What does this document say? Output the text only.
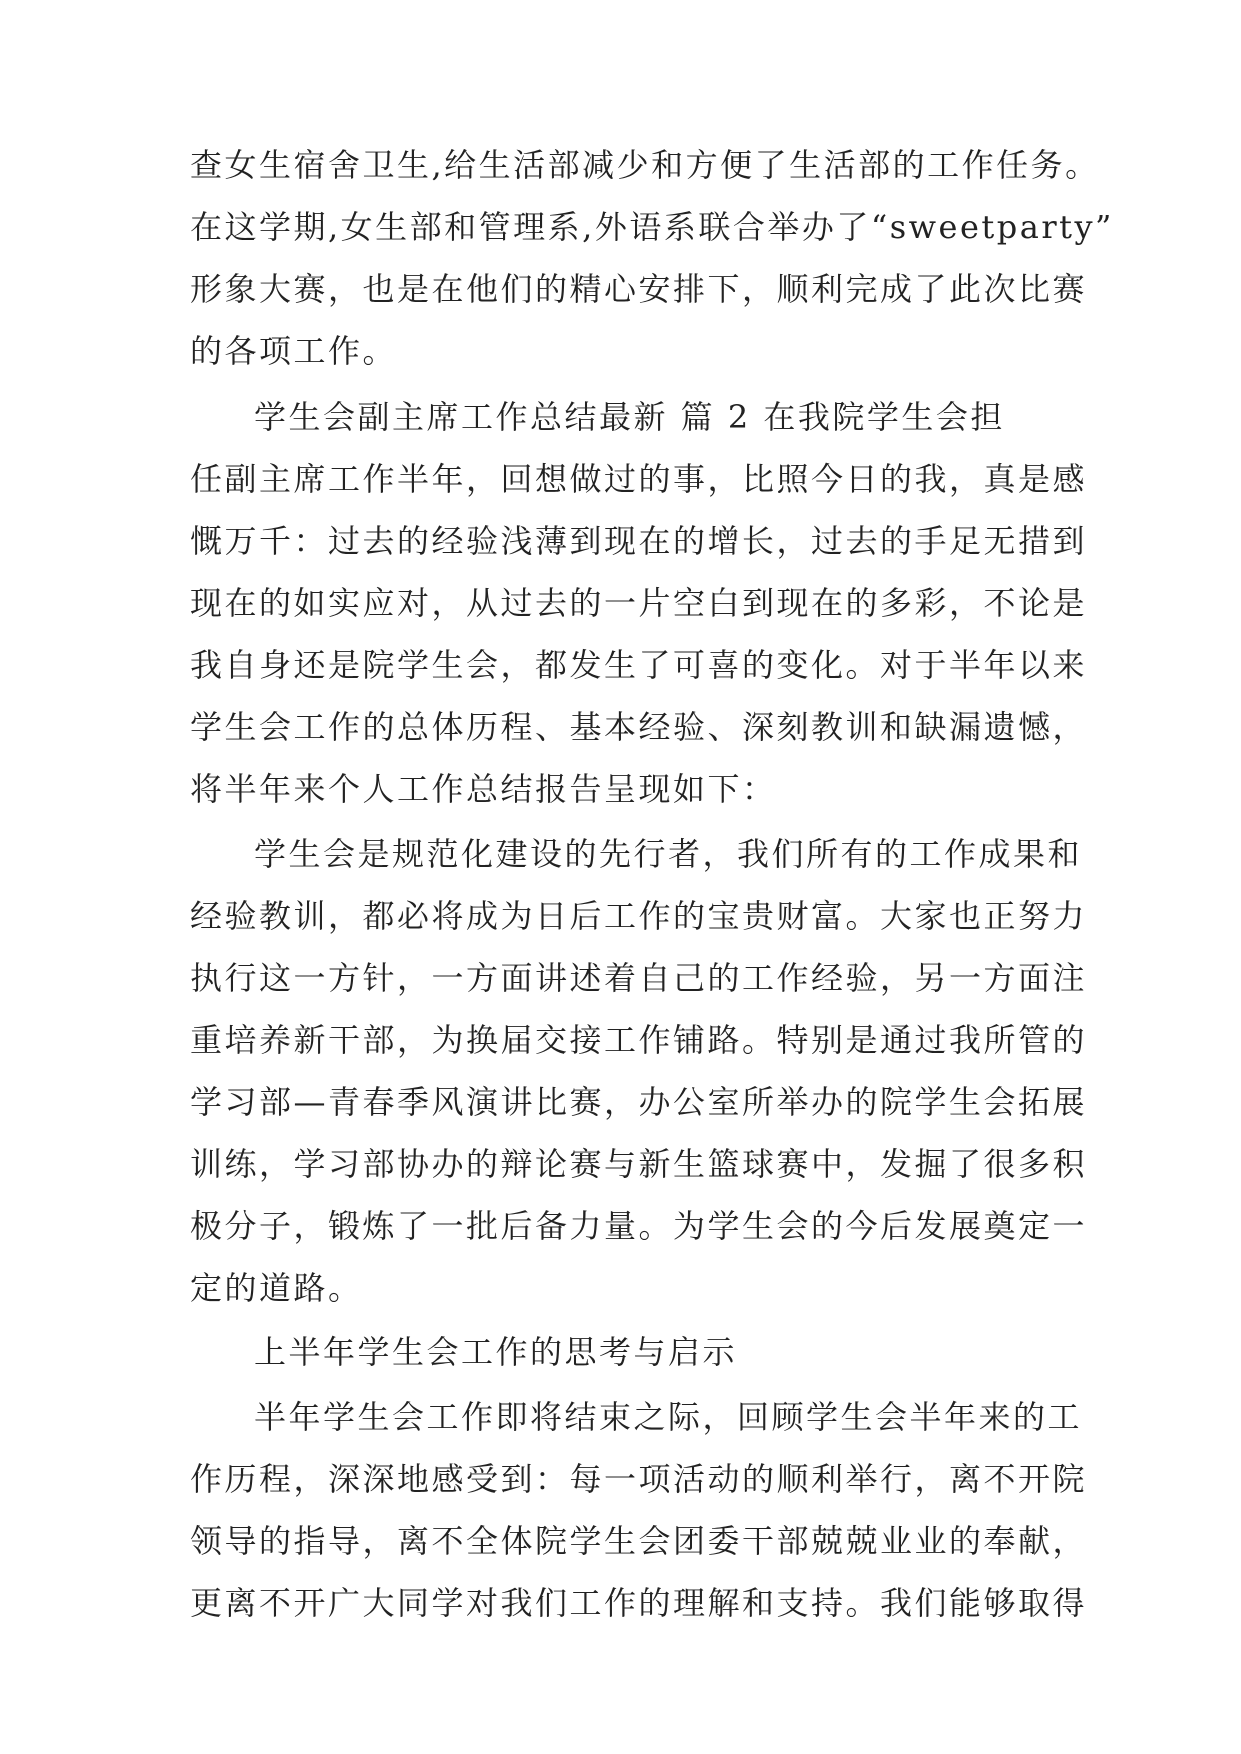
查女生宿舍卫生,给生活部减少和方便了生活部的工作任务。
在这学期,女生部和管理系,外语系联合举办了“sweetparty”
形象大赛，也是在他们的精心安排下，顺利完成了此次比赛
的各项工作。
学生会副主席工作总结最新 篇 2 在我院学生会担
任副主席工作半年，回想做过的事，比照今日的我，真是感
慨万千：过去的经验浅薄到现在的增长，过去的手足无措到
现在的如实应对，从过去的一片空白到现在的多彩，不论是
我自身还是院学生会，都发生了可喜的变化。对于半年以来
学生会工作的总体历程、基本经验、深刻教训和缺漏遗憾，
将半年来个人工作总结报告呈现如下：
学生会是规范化建设的先行者，我们所有的工作成果和
经验教训，都必将成为日后工作的宝贵财富。大家也正努力
执行这一方针，一方面讲述着自己的工作经验，另一方面注
重培养新干部，为换届交接工作铺路。特别是通过我所管的
学习部—青春季风演讲比赛，办公室所举办的院学生会拓展
训练，学习部协办的辩论赛与新生篮球赛中，发掘了很多积
极分子，锻炼了一批后备力量。为学生会的今后发展奠定一
定的道路。
上半年学生会工作的思考与启示
半年学生会工作即将结束之际，回顾学生会半年来的工
作历程，深深地感受到：每一项活动的顺利举行，离不开院
领导的指导，离不全体院学生会团委干部兢兢业业的奉献，
更离不开广大同学对我们工作的理解和支持。我们能够取得
